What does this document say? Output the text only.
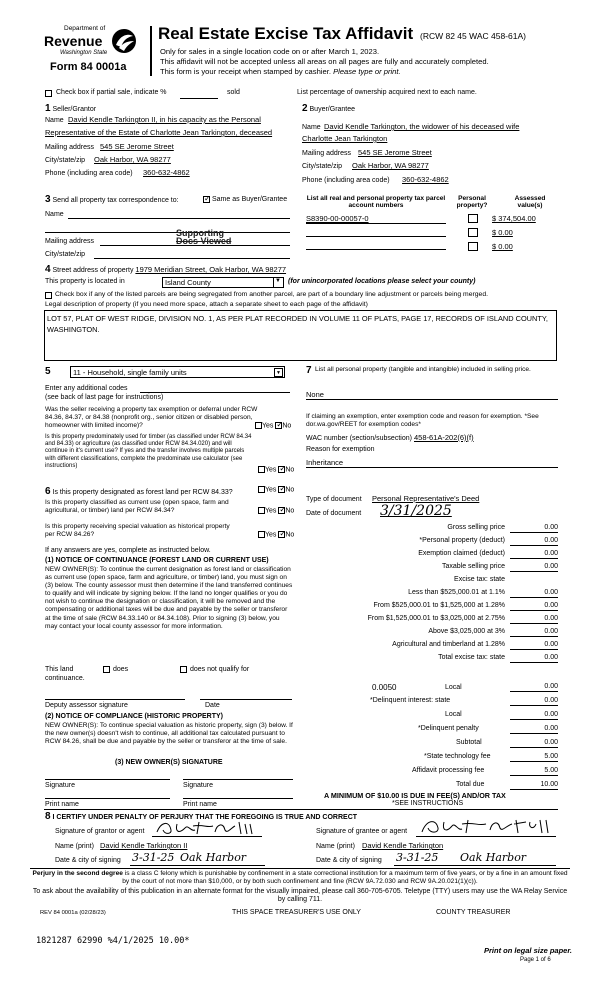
Department of
Revenue
Washington State
Form 84 0001a
Real Estate Excise Tax Affidavit (RCW 82 45 WAC 458-61A)
Only for sales in a single location code on or after March 1, 2023.
This affidavit will not be accepted unless all areas on all pages are fully and accurately completed.
This form is your receipt when stamped by cashier. Please type or print.
Check box if partial sale, indicate %	sold	List percentage of ownership acquired next to each name.
1 Seller/Grantor
Name David Kendle Tarkington II, in his capacity as the Personal
Representative of the Estate of Charlotte Jean Tarkington, deceased
Mailing address 545 SE Jerome Street
City/state/zip Oak Harbor, WA 98277
Phone (including area code) 360-632-4862
2 Buyer/Grantee
Name David Kendle Tarkington, the widower of his deceased wife
Charlotte Jean Tarkington
Mailing address 545 SE Jerome Street
City/state/zip Oak Harbor, WA 98277
Phone (including area code) 360-632-4862
3 Send all property tax correspondence to: ✓	Same as Buyer/Grantee
Name
Supporting
Docs Viewed
Mailing address
City/state/zip
List all real and personal property tax parcel account numbers
Personal property?
Assessed value(s)
S8390-00-00057-0	$ 374,504.00
$ 0.00
$ 0.00
4 Street address of property 1979 Meridian Street, Oak Harbor, WA 98277
This property is located in	Island County	▼ (for unincorporated locations please select your county)
Check box if any of the listed parcels are being segregated from another parcel, are part of a boundary line adjustment or parcels being merged.
Legal description of property (if you need more space, attach a separate sheet to each page of the affidavit)
LOT 57, PLAT OF WEST RIDGE, DIVISION NO. 1, AS PER PLAT RECORDED IN VOLUME 11 OF PLATS, PAGE 17, RECORDS OF ISLAND COUNTY, WASHINGTON.
5	11 - Household, single family units	▼
Enter any additional codes
(see back of last page for instructions)
Was the seller receiving a property tax exemption or deferral under RCW 84.36, 84.37, or 84.38 (nonprofit org., senior citizen or disabled person, homeowner with limited income)?	Yes ✓ No
Is this property predominately used for timber (as classified under RCW 84.34 and 84.33) or agriculture (as classified under RCW 84.34.020) and will continue in it's current use? If yes and the transfer involves multiple parcels with different classifications, complete the predominate use calculator (see instructions)
Yes ✓ No
6 Is this property designated as forest land per RCW 84.33?	Yes ✓ No
Is this property classified as current use (open space, farm and agricultural, or timber) land per RCW 84.34?	Yes ✓ No
Is this property receiving special valuation as historical property per RCW 84.26?	Yes ✓ No
If any answers are yes, complete as instructed below.
(1) NOTICE OF CONTINUANCE (FOREST LAND OR CURRENT USE)
NEW OWNER(S): To continue the current designation as forest land or classification as current use (open space, farm and agriculture, or timber) land, you must sign on (3) below. The county assessor must then determine if the land transferred continues to qualify and will indicate by signing below. If the land no longer qualifies or you do not wish to continue the designation or classification, it will be removed and the compensating or additional taxes will be due and payable by the seller or transferor at the time of sale (RCW 84.33.140 or 84.34.108). Prior to signing (3) below, you may contact your local county assessor for more information.
This land	does	does not qualify for
continuance.
Deputy assessor signature	Date
(2) NOTICE OF COMPLIANCE (HISTORIC PROPERTY)
NEW OWNER(S): To continue special valuation as historic property, sign (3) below. If the new owner(s) doesn't wish to continue, all additional tax calculated pursuant to RCW 84.26, shall be due and payable by the seller or transferor at the time of sale.
(3) NEW OWNER(S) SIGNATURE
Signature	Signature
Print name	Print name
7 List all personal property (tangible and intangible) included in selling price.
None
If claiming an exemption, enter exemption code and reason for exemption. *See dor.wa.gov/REET for exemption codes*
WAC number (section/subsection) 458-61A-202(6)(f)
Reason for exemption
Inheritance
Type of document Personal Representative's Deed
Date of document 3/31/2025
Gross selling price	0.00
*Personal property (deduct)	0.00
Exemption claimed (deduct)	0.00
Taxable selling price	0.00
Excise tax: state
Less than $525,000.01 at 1.1%	0.00
From $525,000.01 to $1,525,000 at 1.28%	0.00
From $1,525,000.01 to $3,025,000 at 2.75%	0.00
Above $3,025,000 at 3%	0.00
Agricultural and timberland at 1.28%	0.00
Total excise tax: state	0.00
0.0050	Local	0.00
*Delinquent interest: state	0.00
Local	0.00
*Delinquent penalty	0.00
Subtotal	0.00
*State technology fee	5.00
Affidavit processing fee	5.00
Total due	10.00
A MINIMUM OF $10.00 IS DUE IN FEE(S) AND/OR TAX
*SEE INSTRUCTIONS
8 I CERTIFY UNDER PENALTY OF PERJURY THAT THE FOREGOING IS TRUE AND CORRECT
Signature of grantor or agent
Name (print) David Kendle Tarkington II
Date & city of signing 3-31-25 Oak Harbor
Signature of grantee or agent
Name (print) David Kendle Tarkington
Date & city of signing 3-31-25 Oak Harbor
Perjury in the second degree is a class C felony which is punishable by confinement in a state correctional institution for a maximum term of five years, or by a fine in an amount fixed by the court of not more than $10,000, or by both such confinement and fine (RCW 9A.72.030 and RCW 9A.20.021(1)(c)).
To ask about the availability of this publication in an alternate format for the visually impaired, please call 360-705-6705. Teletype (TTY) users may use the WA Relay Service by calling 711.
REV 84 0001a (02/28/23)	THIS SPACE TREASURER'S USE ONLY	COUNTY TREASURER
1821287 62990 %4/1/2025 10.00*
Print on legal size paper.
Page 1 of 6
